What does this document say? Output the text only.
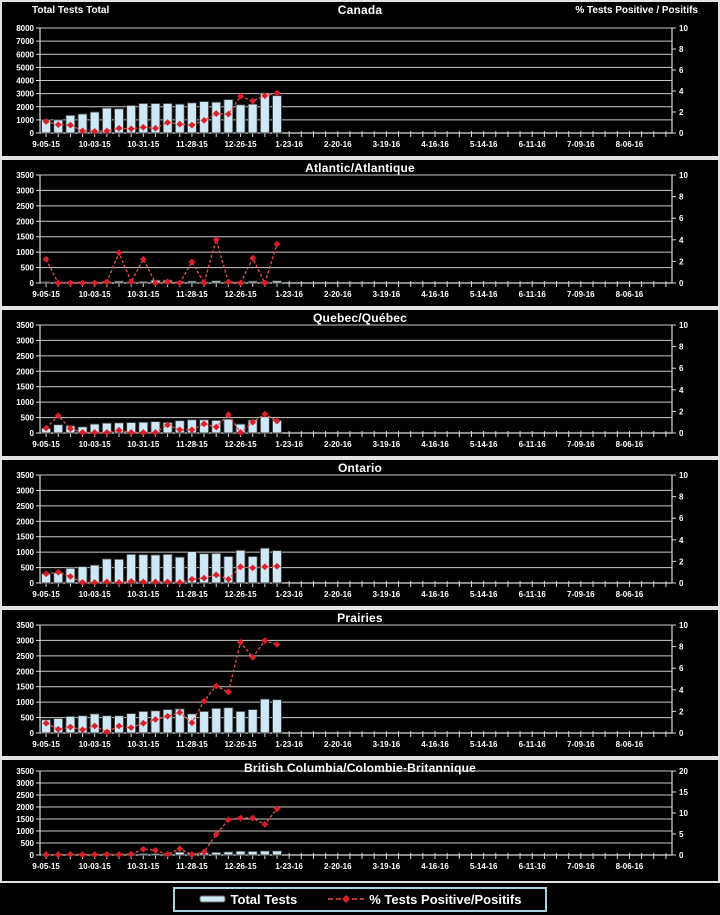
Total Tests Total	Canada	% Tests Positive / Positifs
0
1000
2000
3000
4000
5000
6000
7000
8000
0
2
4
6
8
10
9-05-15 10-03-15 10-31-15 11-28-15 12-26-15 1-23-16	2-20-16	3-19-16	4-16-16	5-14-16	6-11-16	7-09-16	8-06-16
Atlantic/Atlantique
0
500
1000
1500
2000
2500
3000
3500
0
2
4
6
8
10
9-05-15 10-03-15 10-31-15 11-28-15 12-26-15 1-23-16	2-20-16	3-19-16	4-16-16	5-14-16	6-11-16	7-09-16	8-06-16
Quebec/Québec
0
500
1000
1500
2000
2500
3000
3500
0
2
4
6
8
10
9-05-15 10-03-15 10-31-15 11-28-15 12-26-15 1-23-16	2-20-16	3-19-16	4-16-16	5-14-16	6-11-16	7-09-16	8-06-16
Ontario
0
500
1000
1500
2000
2500
3000
3500
0
2
4
6
8
10
9-05-15 10-03-15 10-31-15 11-28-15 12-26-15 1-23-16	2-20-16	3-19-16	4-16-16	5-14-16	6-11-16	7-09-16	8-06-16
Prairies
0
500
1000
1500
2000
2500
3000
3500
0
2
4
6
8
10
9-05-15 10-03-15 10-31-15 11-28-15 12-26-15 1-23-16	2-20-16	3-19-16	4-16-16	5-14-16	6-11-16	7-09-16	8-06-16
British Columbia/Colombie-Britannique
0
500
1000
1500
2000
2500
3000
3500
0
5
10
15
20
9-05-15 10-03-15 10-31-15 11-28-15 12-26-15 1-23-16	2-20-16	3-19-16	4-16-16	5-14-16	6-11-16	7-09-16	8-06-16
Total Tests	% Tests Positive/Positifs
